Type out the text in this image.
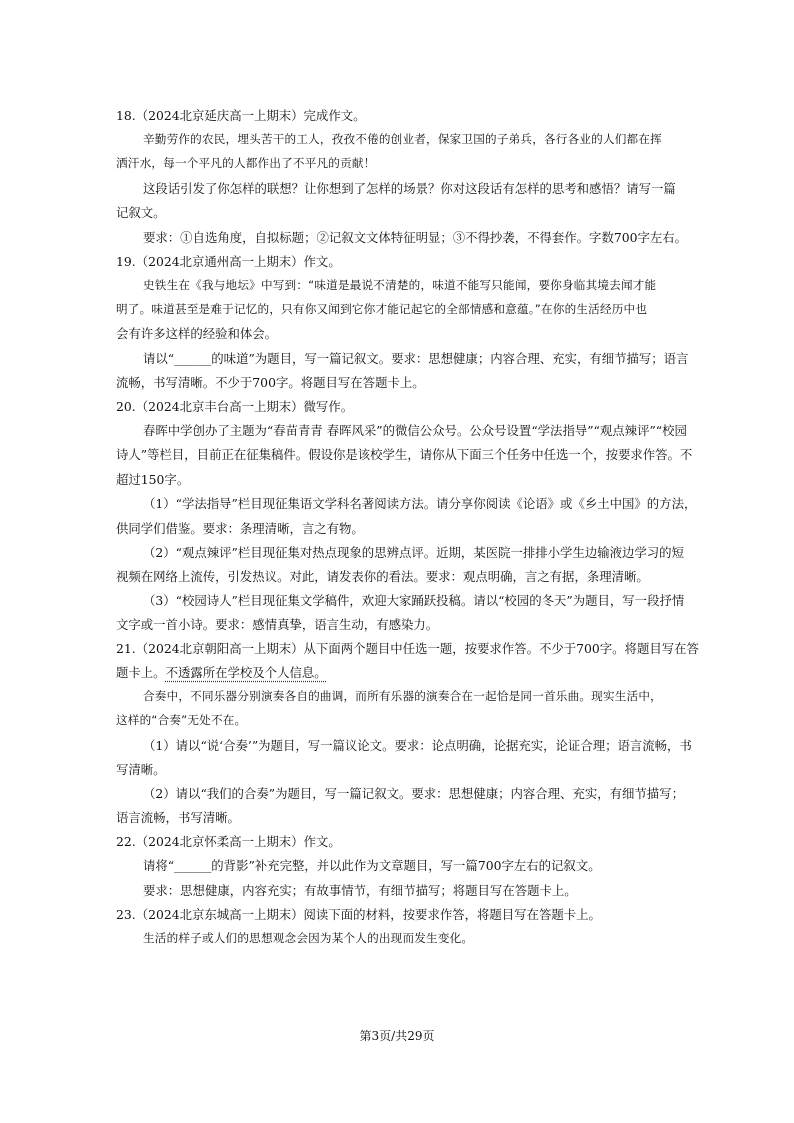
18.（2024北京延庆高一上期末）完成作文。
辛勤劳作的农民，埋头苦干的工人，孜孜不倦的创业者，保家卫国的子弟兵，各行各业的人们都在挥
洒汗水，每一个平凡的人都作出了不平凡的贡献！
这段话引发了你怎样的联想？让你想到了怎样的场景？你对这段话有怎样的思考和感悟？请写一篇
记叙文。
要求：①自选角度，自拟标题；②记叙文文体特征明显；③不得抄袭，不得套作。字数700字左右。
19.（2024北京通州高一上期末）作文。
史铁生在《我与地坛》中写到：“味道是最说不清楚的，味道不能写只能闻，要你身临其境去闻才能
明了。味道甚至是难于记忆的，只有你又闻到它你才能记起它的全部情感和意蕴。”在你的生活经历中也
会有许多这样的经验和体会。
请以“______的味道”为题目，写一篇记叙文。要求：思想健康；内容合理、充实，有细节描写；语言
流畅，书写清晰。不少于700字。将题目写在答题卡上。
20.（2024北京丰台高一上期末）微写作。
春晖中学创办了主题为“春苗青青 春晖风采”的微信公众号。公众号设置“学法指导”“观点辣评”“校园
诗人”等栏目，目前正在征集稿件。假设你是该校学生，请你从下面三个任务中任选一个，按要求作答。不
超过150字。
（1）“学法指导”栏目现征集语文学科名著阅读方法。请分享你阅读《论语》或《乡土中国》的方法，
供同学们借鉴。要求：条理清晰，言之有物。
（2）“观点辣评”栏目现征集对热点现象的思辨点评。近期，某医院一排排小学生边输液边学习的短
视频在网络上流传，引发热议。对此，请发表你的看法。要求：观点明确，言之有据，条理清晰。
（3）“校园诗人”栏目现征集文学稿件，欢迎大家踊跃投稿。请以“校园的冬天”为题目，写一段抒情
文字或一首小诗。要求：感情真挚，语言生动，有感染力。
21.（2024北京朝阳高一上期末）从下面两个题目中任选一题，按要求作答。不少于700字。将题目写在答
题卡上。不透露所在学校及个人信息。
合奏中，不同乐器分别演奏各自的曲调，而所有乐器的演奏合在一起恰是同一首乐曲。现实生活中，
这样的“合奏”无处不在。
（1）请以“说‘合奏’”为题目，写一篇议论文。要求：论点明确，论据充实，论证合理；语言流畅，书
写清晰。
（2）请以“我们的合奏”为题目，写一篇记叙文。要求：思想健康；内容合理、充实，有细节描写；
语言流畅，书写清晰。
22.（2024北京怀柔高一上期末）作文。
请将“______的背影”补充完整，并以此作为文章题目，写一篇700字左右的记叙文。
要求：思想健康，内容充实；有故事情节，有细节描写；将题目写在答题卡上。
23.（2024北京东城高一上期末）阅读下面的材料，按要求作答，将题目写在答题卡上。
生活的样子或人们的思想观念会因为某个人的出现而发生变化。
第3页/共29页
